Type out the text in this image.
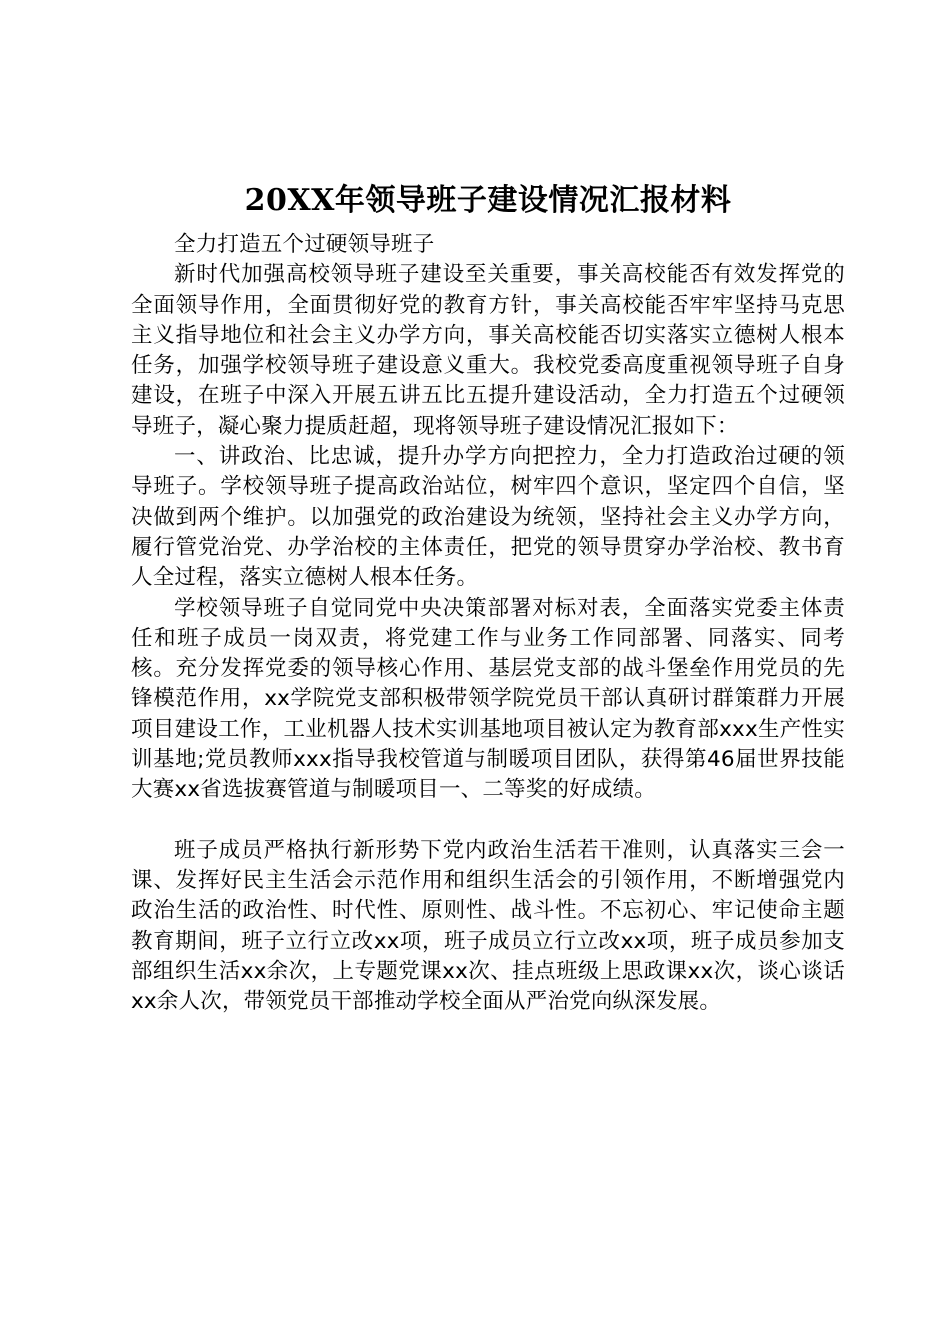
20XX年领导班子建设情况汇报材料

全力打造五个过硬领导班子

新时代加强高校领导班子建设至关重要，事关高校能否有效发挥党的全面领导作用，全面贯彻好党的教育方针，事关高校能否牢牢坚持马克思主义指导地位和社会主义办学方向，事关高校能否切实落实立德树人根本任务，加强学校领导班子建设意义重大。我校党委高度重视领导班子自身建设，在班子中深入开展五讲五比五提升建设活动，全力打造五个过硬领导班子，凝心聚力提质赶超，现将领导班子建设情况汇报如下：

一、讲政治、比忠诚，提升办学方向把控力，全力打造政治过硬的领导班子。学校领导班子提高政治站位，树牢四个意识，坚定四个自信，坚决做到两个维护。以加强党的政治建设为统领，坚持社会主义办学方向，履行管党治党、办学治校的主体责任，把党的领导贯穿办学治校、教书育人全过程，落实立德树人根本任务。

学校领导班子自觉同党中央决策部署对标对表，全面落实党委主体责任和班子成员一岗双责，将党建工作与业务工作同部署、同落实、同考核。充分发挥党委的领导核心作用、基层党支部的战斗堡垒作用党员的先锋模范作用，xx学院党支部积极带领学院党员干部认真研讨群策群力开展项目建设工作，工业机器人技术实训基地项目被认定为教育部xxx生产性实训基地;党员教师xxx指导我校管道与制暖项目团队，获得第46届世界技能大赛xx省选拔赛管道与制暖项目一、二等奖的好成绩。

班子成员严格执行新形势下党内政治生活若干准则，认真落实三会一课、发挥好民主生活会示范作用和组织生活会的引领作用，不断增强党内政治生活的政治性、时代性、原则性、战斗性。不忘初心、牢记使命主题教育期间，班子立行立改xx项，班子成员立行立改xx项，班子成员参加支部组织生活xx余次，上专题党课xx次、挂点班级上思政课xx次，谈心谈话xx余人次，带领党员干部推动学校全面从严治党向纵深发展。
